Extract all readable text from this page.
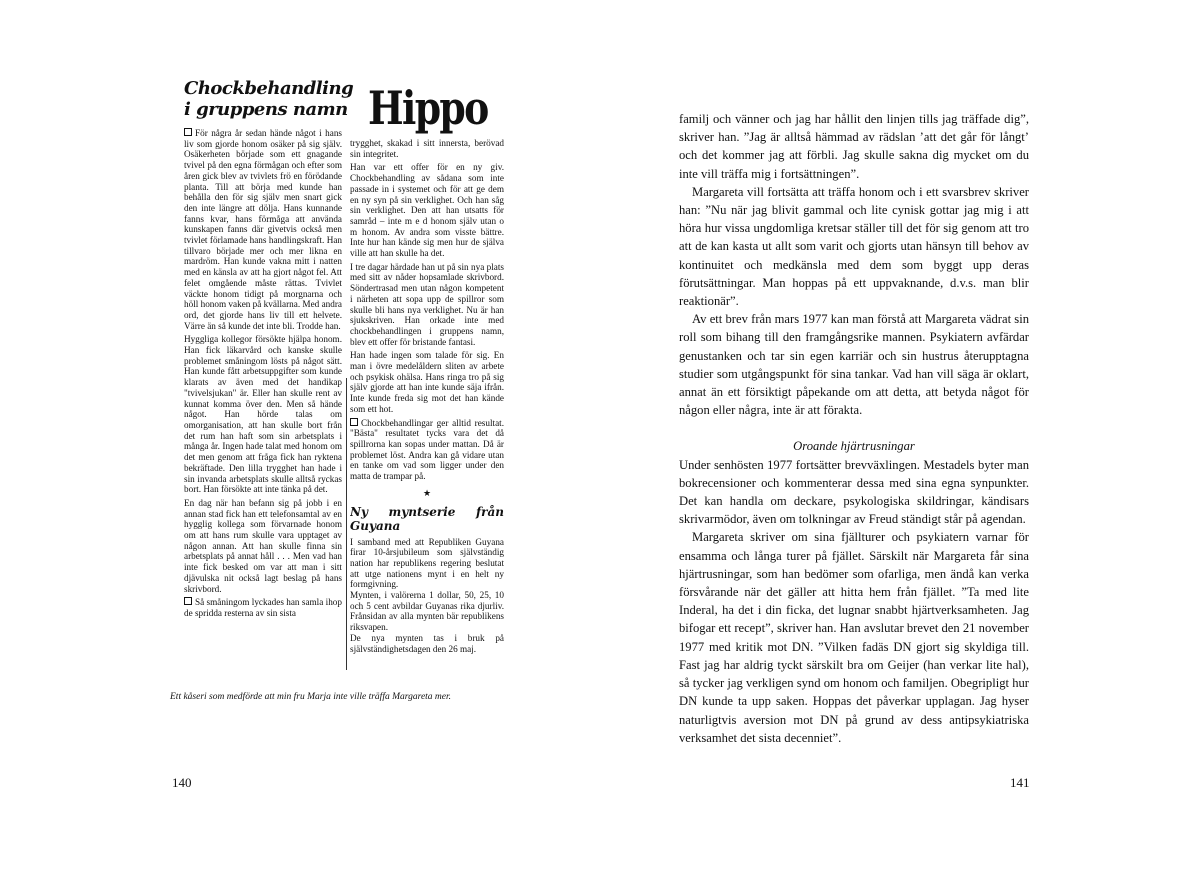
Chockbehandling i gruppens namn Hippo

För några år sedan hände något i hans liv som gjorde honom osäker på sig själv. Osäkerheten började som ett gnagande tvivel på den egna förmågan och efter som åren gick blev av tvivlets frö en förödande planta. Till att börja med kunde han behålla den för sig själv men snart gick den inte längre att dölja. Hans kunnande fanns kvar, hans förmåga att använda kunskapen fanns där givetvis också men tvivlet förlamade hans handlingskraft. Han tillvaro började mer och mer likna en mardröm. Han kunde vakna mitt i natten med en känsla av att ha gjort något fel. Att felet omgående måste rättas. Tvivlet väckte honom tidigt på morgnarna och höll honom vaken på kvällarna. Med andra ord, det gjorde hans liv till ett helvete. Värre än så kunde det inte bli. Trodde han.

Hyggliga kollegor försökte hjälpa honom. Han fick läkarvård och kanske skulle problemet småningom lösts på något sätt. Han kunde fått arbetsuppgifter som kunde klarats av även med det handikap "tvivelsjukan" är. Eller han skulle rent av kunnat komma över den. Men så hände något. Han hörde talas om omorganisation, att han skulle bort från det rum han haft som sin arbetsplats i många år. Ingen hade talat med honom om det men genom att fråga fick han ryktena bekräftade. Den lilla trygghet han hade i sin invanda arbetsplats skulle alltså ryckas bort. Han försökte att inte tänka på det.

En dag när han befann sig på jobb i en annan stad fick han ett telefonsamtal av en hygglig kollega som förvarnade honom om att hans rum skulle vara upptaget av någon annan. Att han skulle finna sin arbetsplats på annat håll . . . Men vad han inte fick besked om var att man i sitt djävulska nit också lagt beslag på hans skrivbord.

Så småningom lyckades han samla ihop de spridda resterna av sin sista

trygghet, skakad i sitt innersta, berövad sin integritet.

Han var ett offer för en ny giv. Chockbehandling av sådana som inte passade in i systemet och för att ge dem en ny syn på sin verklighet. Och han såg sin verklighet. Den att han utsatts för samråd – inte m e d honom själv utan o m honom. Av andra som visste bättre. Inte hur han kände sig men hur de själva ville att han skulle ha det.

I tre dagar härdade han ut på sin nya plats med sitt av nåder hopsamlade skrivbord. Söndertrasad men utan någon kompetent i närheten att sopa upp de spillror som skulle bli hans nya verklighet. Nu är han sjukskriven. Han orkade inte med chockbehandlingen i gruppens namn, blev ett offer för bristande fantasi.

Han hade ingen som talade för sig. En man i övre medelåldern sliten av arbete och psykisk ohälsa. Hans ringa tro på sig själv gjorde att han inte kunde säja ifrån. Inte kunde freda sig mot det han kände som ett hot.

Chockbehandlingar ger alltid resultat. "Bästa" resultatet tycks vara det då spillrorna kan sopas under mattan. Då är problemet löst. Andra kan gå vidare utan en tanke om vad som ligger under den matta de trampar på.

★
Ny myntserie från Guyana

I samband med att Republiken Guyana firar 10-årsjubileum som självständig nation har republikens regering beslutat att utge nationens mynt i en helt ny formgivning.

Mynten, i valörerna 1 dollar, 50, 25, 10 och 5 cent avbildar Guyanas rika djurliv. Frånsidan av alla mynten bär republikens riksvapen.

De nya mynten tas i bruk på självständighetsdagen den 26 maj.

Ett kåseri som medförde att min fru Marja inte ville träffa Margareta mer.
140

familj och vänner och jag har hållit den linjen tills jag träffade dig”, skriver han. ”Jag är alltså hämmad av rädslan ’att det går för långt’ och det kommer jag att förbli. Jag skulle sakna dig mycket om du inte vill träffa mig i fortsättningen”.

Margareta vill fortsätta att träffa honom och i ett svarsbrev skriver han: ”Nu när jag blivit gammal och lite cynisk gottar jag mig i att höra hur vissa ungdomliga kretsar ställer till det för sig genom att tro att de kan kasta ut allt som varit och gjorts utan hänsyn till behov av kontinuitet och medkänsla med dem som byggt upp deras förutsättningar. Man hoppas på ett uppvaknande, d.v.s. man blir reaktionär”.

Av ett brev från mars 1977 kan man förstå att Margareta vädrat sin roll som bihang till den framgångsrike mannen. Psykiatern avfärdar genustanken och tar sin egen karriär och sin hustrus återupptagna studier som utgångspunkt för sina tankar. Vad han vill säga är oklart, annat än ett försiktigt påpekande om att detta, att betyda något för någon eller några, inte är att förakta.

Oroande hjärtrusningar

Under senhösten 1977 fortsätter brevväxlingen. Mestadels byter man bokrecensioner och kommenterar dessa med sina egna synpunkter. Det kan handla om deckare, psykologiska skildringar, kändisars skrivarmödor, även om tolkningar av Freud ständigt står på agendan.

Margareta skriver om sina fjällturer och psykiatern varnar för ensamma och långa turer på fjället. Särskilt när Margareta får sina hjärtrusningar, som han bedömer som ofarliga, men ändå kan verka försvårande när det gäller att hitta hem från fjället. ”Ta med lite Inderal, ha det i din ficka, det lugnar snabbt hjärtverksamheten. Jag bifogar ett recept”, skriver han. Han avslutar brevet den 21 november 1977 med kritik mot DN. ”Vilken fadäs DN gjort sig skyldiga till. Fast jag har aldrig tyckt särskilt bra om Geijer (han verkar lite hal), så tycker jag verkligen synd om honom och familjen. Obegripligt hur DN kunde ta upp saken. Hoppas det påverkar upplagan. Jag hyser naturligtvis aversion mot DN på grund av dess antipsykiatriska verksamhet det sista decenniet”.

141
